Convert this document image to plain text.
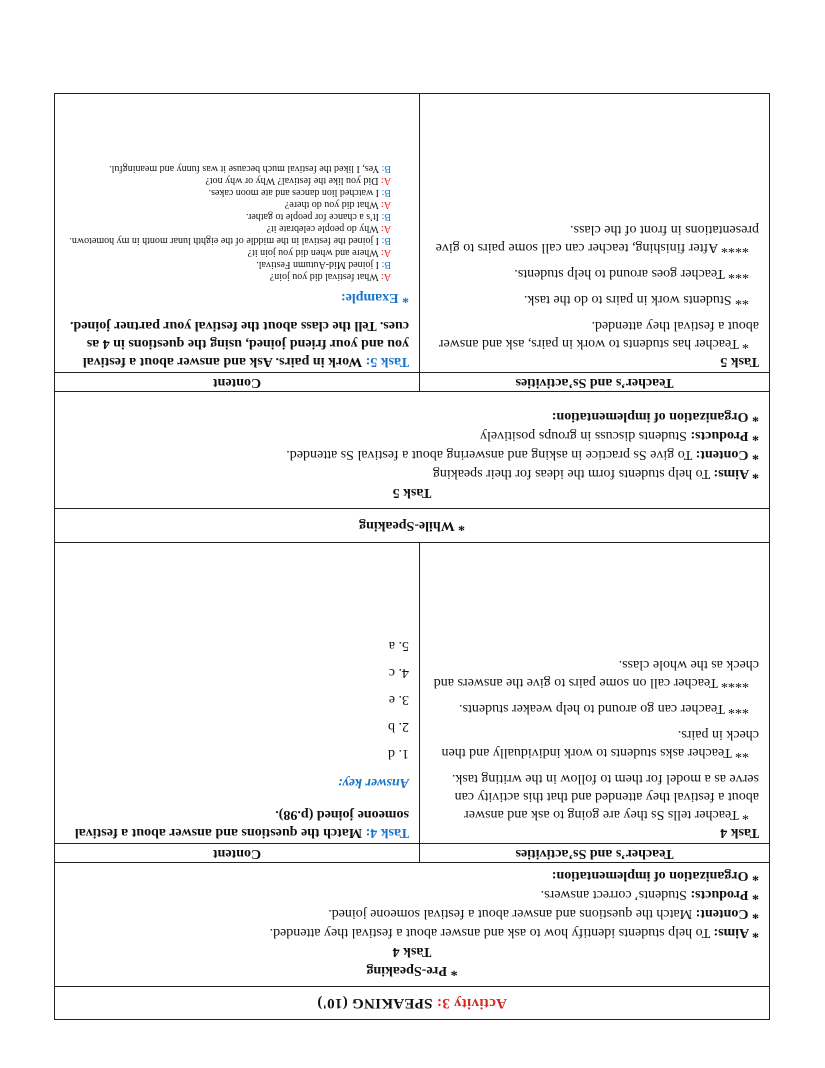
Activity 3:

SPEAKING (10')
* Pre-Speaking
Task 4
* Aims: To help students identify how to ask and answer about a festival they attended.
* Content: Match the questions and answer about a festival someone joined.
* Products: Students’ correct answers.
* Organization of implementation:
Teacher’s and Ss’activities
Content
Task 4

* Teacher tells Ss they are going to ask and answer about a festival they attended and that this activity can serve as a model for them to follow in the writing task.

** Teacher asks students to work individually and then check in pairs.

*** Teacher can go around to help weaker students.

**** Teacher call on some pairs to give the answers and check as the whole class.

Task 4: Match the questions and answer about a festival someone joined (p.98).
Answer key:
1. d
2. b
3. e
4. c
5. a
* While-Speaking
Task 5
* Aims: To help students form the ideas for their speaking
* Content: To give Ss practice in asking and answering about a festival Ss attended.
* Products: Students discuss in groups positively
* Organization of implementation:
Teacher’s and Ss’activities
Content
Task 5

* Teacher has students to work in pairs, ask and answer about a festival they attended.

** Students work in pairs to do the task.

*** Teacher goes around to help students.

**** After finishing, teacher can call some pairs to give presentations in front of the class.

Task 5: Work in pairs. Ask and answer about a festival you and your friend joined, using the questions in 4 as cues. Tell the class about the festival your partner joined.
* Example:
A: What festival did you join?
B: I joined Mid-Autumn Festival.
A: Where and when did you join it?
B: I joined the festival in the middle of the eighth lunar month in my hometown.
A: Why do people celebrate it?
B: It’s a chance for people to gather.
A: What did you do there?
B: I watched lion dances and ate moon cakes.
A: Did you like the festival? Why or why not?
B: Yes, I liked the festival much because it was funny and meaningful.
